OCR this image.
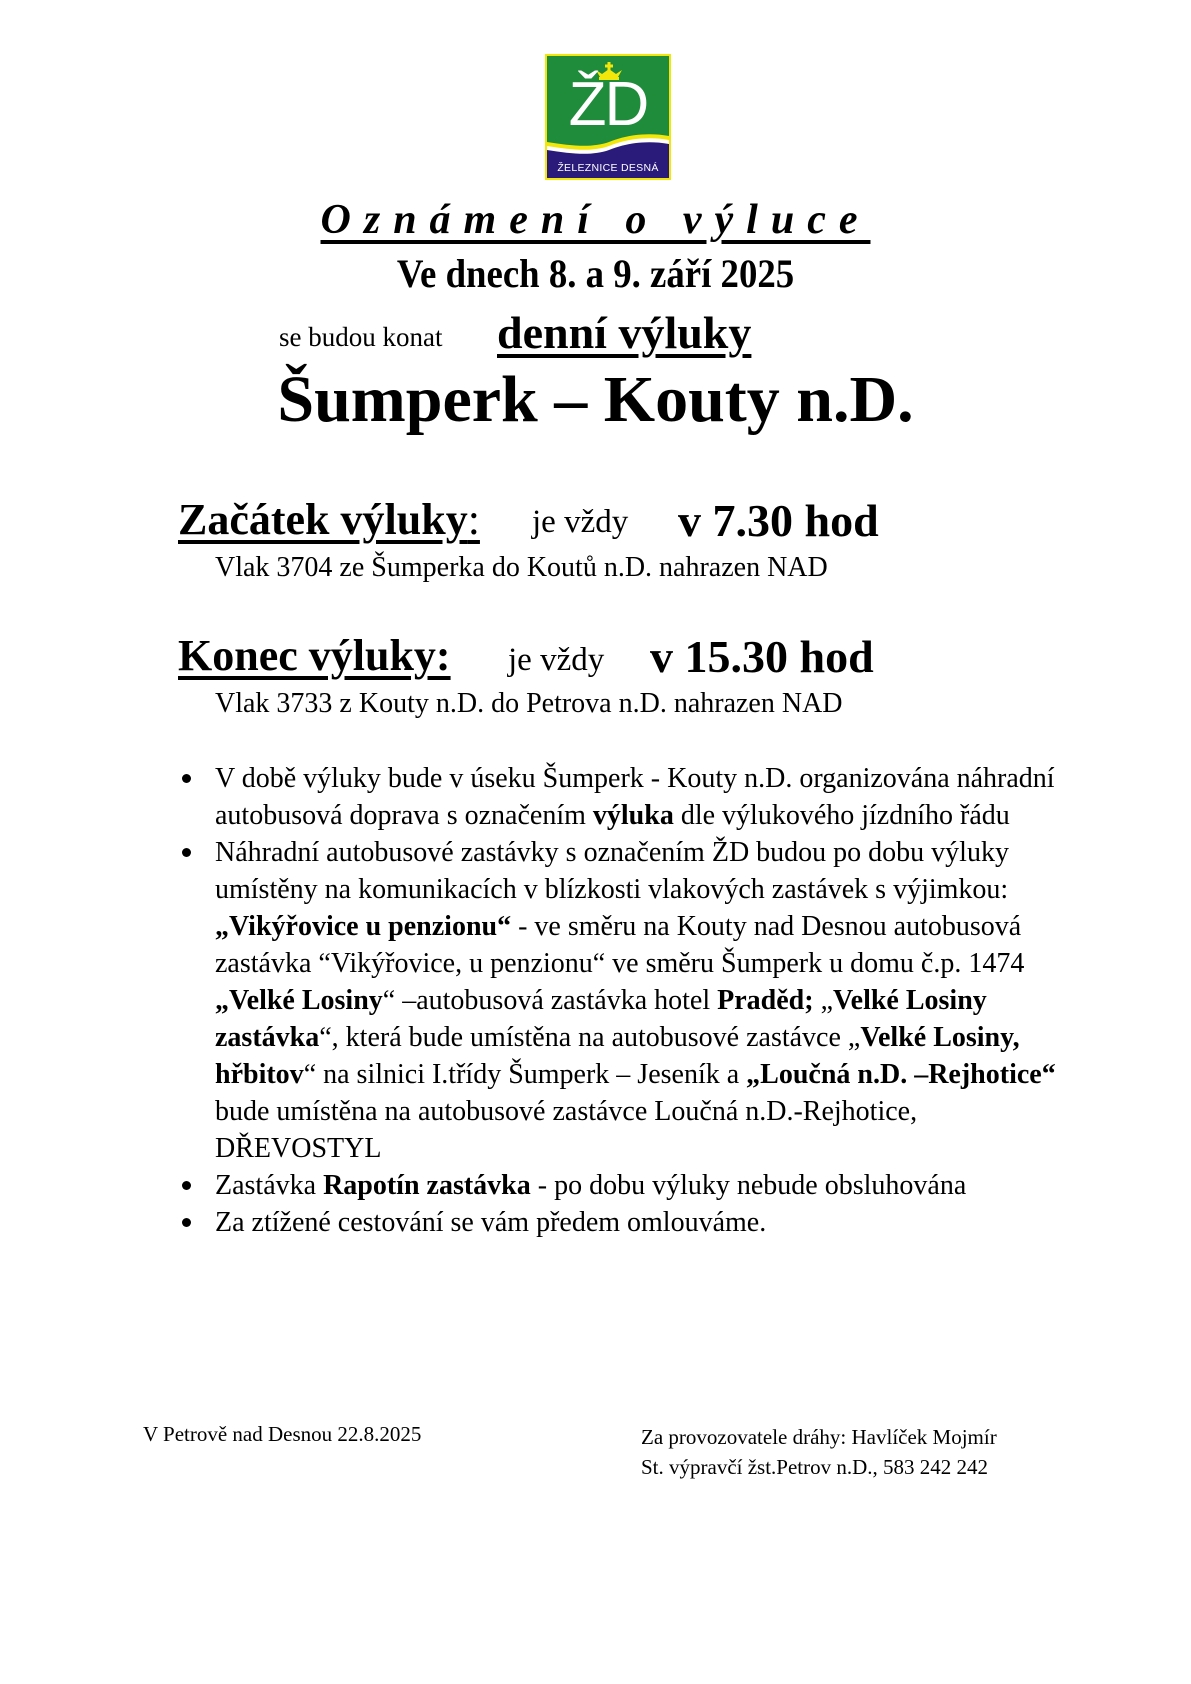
ŽD
ŽELEZNICE DESNÁ
Oznámení o výluce
Ve dnech 8. a 9. září 2025
se budou konat denní výluky
Šumperk – Kouty n.D.
Začátek výluky: je vždy v 7.30 hod
Vlak 3704 ze Šumperka do Koutů n.D. nahrazen NAD
Konec výluky: je vždy v 15.30 hod
Vlak 3733 z Kouty n.D. do Petrova n.D. nahrazen NAD
V době výluky bude v úseku Šumperk - Kouty n.D. organizována náhradní autobusová doprava s označením výluka dle výlukového jízdního řádu
Náhradní autobusové zastávky s označením ŽD budou po dobu výluky umístěny na komunikacích v blízkosti vlakových zastávek s výjimkou:
„Vikýřovice u penzionu“ - ve směru na Kouty nad Desnou autobusová zastávka “Vikýřovice, u penzionu“ ve směru Šumperk u domu č.p. 1474 „Velké Losiny“ –autobusová zastávka hotel Praděd; „Velké Losiny zastávka“, která bude umístěna na autobusové zastávce „Velké Losiny, hřbitov“ na silnici I.třídy Šumperk – Jeseník a „Loučná n.D. –Rejhotice“ bude umístěna na autobusové zastávce Loučná n.D.-Rejhotice, DŘEVOSTYL
Zastávka Rapotín zastávka - po dobu výluky nebude obsluhována
Za ztížené cestování se vám předem omlouváme.
V Petrově nad Desnou 22.8.2025	Za provozovatele dráhy: Havlíček Mojmír
St. výpravčí žst.Petrov n.D., 583 242 242
